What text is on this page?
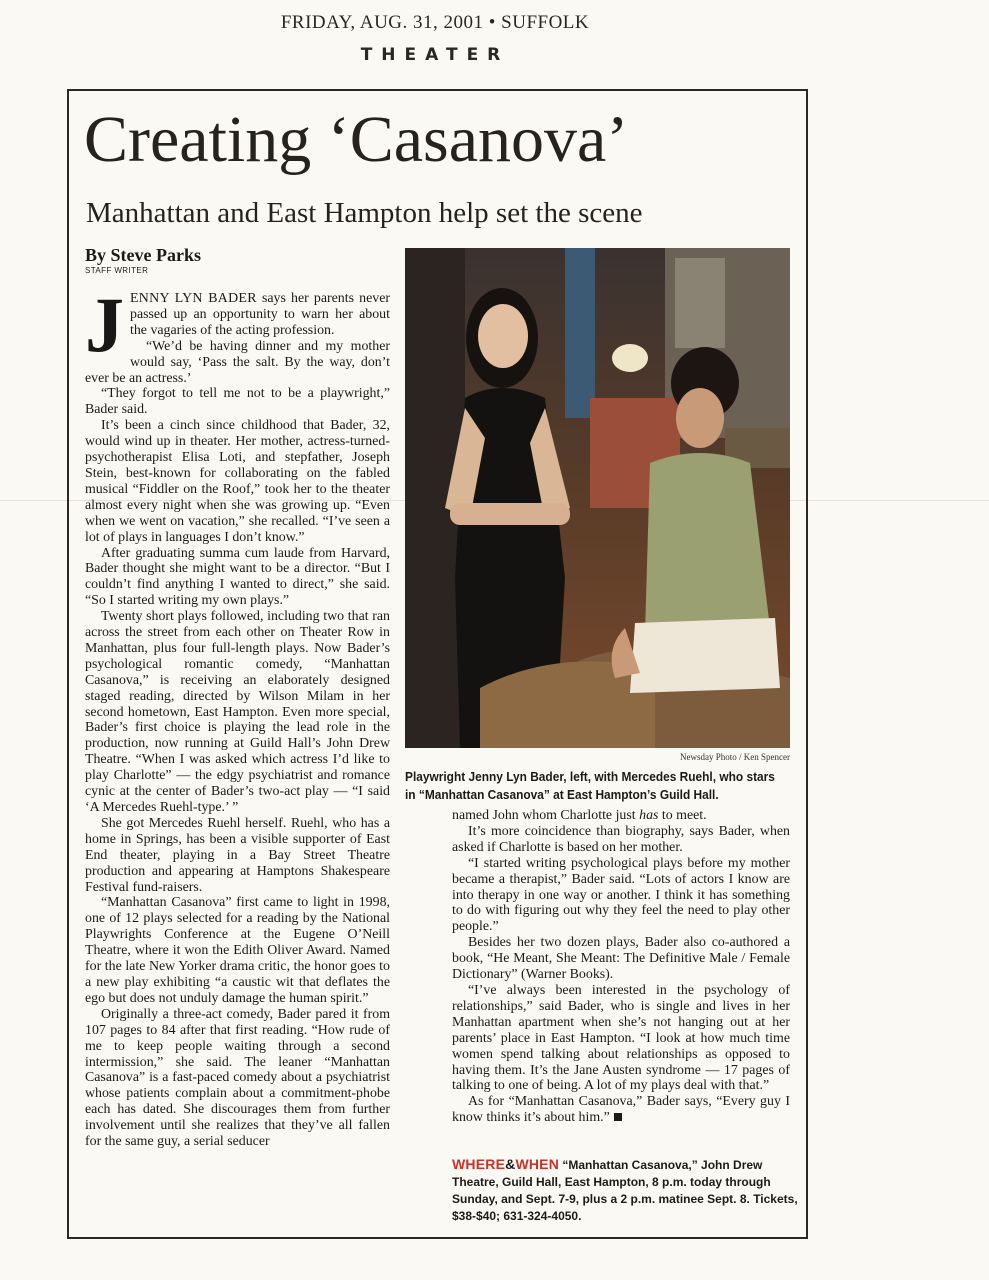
FRIDAY, AUG. 31, 2001 • SUFFOLK
THEATER
Creating ‘Casanova’
Manhattan and East Hampton help set the scene
By Steve Parks
STAFF WRITER

JENNY LYN BADER says her parents never passed up an opportunity to warn her about the vagaries of the acting profession.

“We’d be having dinner and my mother would say, ‘Pass the salt. By the way, don’t ever be an actress.’

“They forgot to tell me not to be a playwright,” Bader said.

It’s been a cinch since childhood that Bader, 32, would wind up in theater. Her mother, actress-turned-psychotherapist Elisa Loti, and stepfather, Joseph Stein, best-known for collaborating on the fabled musical “Fiddler on the Roof,” took her to the theater almost every night when she was growing up. “Even when we went on vacation,” she recalled. “I’ve seen a lot of plays in languages I don’t know.”

After graduating summa cum laude from Harvard, Bader thought she might want to be a director. “But I couldn’t find anything I wanted to direct,” she said. “So I started writing my own plays.”

Twenty short plays followed, including two that ran across the street from each other on Theater Row in Manhattan, plus four full-length plays. Now Bader’s psychological romantic comedy, “Manhattan Casanova,” is receiving an elaborately designed staged reading, directed by Wilson Milam in her second hometown, East Hampton. Even more special, Bader’s first choice is playing the lead role in the production, now running at Guild Hall’s John Drew Theatre. “When I was asked which actress I’d like to play Charlotte” — the edgy psychiatrist and romance cynic at the center of Bader’s two-act play — “I said ‘A Mercedes Ruehl-type.’ ”

She got Mercedes Ruehl herself. Ruehl, who has a home in Springs, has been a visible supporter of East End theater, playing in a Bay Street Theatre production and appearing at Hamptons Shakespeare Festival fund-raisers.

“Manhattan Casanova” first came to light in 1998, one of 12 plays selected for a reading by the National Playwrights Conference at the Eugene O’Neill Theatre, where it won the Edith Oliver Award. Named for the late New Yorker drama critic, the honor goes to a new play exhibiting “a caustic wit that deflates the ego but does not unduly damage the human spirit.”

Originally a three-act comedy, Bader pared it from 107 pages to 84 after that first reading. “How rude of me to keep people waiting through a second intermission,” she said. The leaner “Manhattan Casanova” is a fast-paced comedy about a psychiatrist whose patients complain about a commitment-phobe each has dated. She discourages them from further involvement until she realizes that they’ve all fallen for the same guy, a serial seducer

Newsday Photo / Ken Spencer
Playwright Jenny Lyn Bader, left, with Mercedes Ruehl, who stars in “Manhattan Casanova” at East Hampton’s Guild Hall.

named John whom Charlotte just has to meet.

It’s more coincidence than biography, says Bader, when asked if Charlotte is based on her mother.

“I started writing psychological plays before my mother became a therapist,” Bader said. “Lots of actors I know are into therapy in one way or another. I think it has something to do with figuring out why they feel the need to play other people.”

Besides her two dozen plays, Bader also co-authored a book, “He Meant, She Meant: The Definitive Male / Female Dictionary” (Warner Books).

“I’ve always been interested in the psychology of relationships,” said Bader, who is single and lives in her Manhattan apartment when she’s not hanging out at her parents’ place in East Hampton. “I look at how much time women spend talking about relationships as opposed to having them. It’s the Jane Austen syndrome — 17 pages of talking to one of being. A lot of my plays deal with that.”

As for “Manhattan Casanova,” Bader says, “Every guy I know thinks it’s about him.”

WHERE&WHEN “Manhattan Casanova,” John Drew Theatre, Guild Hall, East Hampton, 8 p.m. today through Sunday, and Sept. 7-9, plus a 2 p.m. matinee Sept. 8. Tickets, $38-$40; 631-324-4050.
